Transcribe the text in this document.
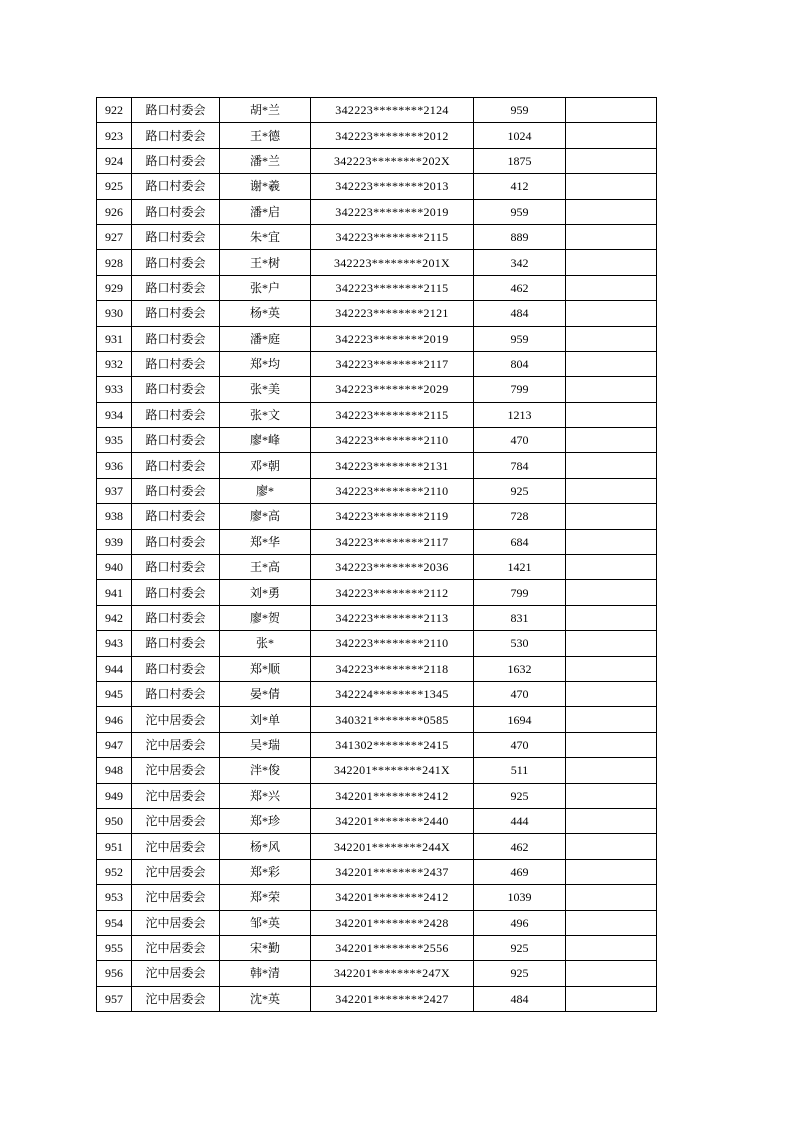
922	路口村委会	胡*兰	342223********2124	959	
923	路口村委会	王*德	342223********2012	1024	
924	路口村委会	潘*兰	342223********202X	1875	
925	路口村委会	谢*羲	342223********2013	412	
926	路口村委会	潘*启	342223********2019	959	
927	路口村委会	朱*宜	342223********2115	889	
928	路口村委会	王*树	342223********201X	342	
929	路口村委会	张*户	342223********2115	462	
930	路口村委会	杨*英	342223********2121	484	
931	路口村委会	潘*庭	342223********2019	959	
932	路口村委会	郑*均	342223********2117	804	
933	路口村委会	张*美	342223********2029	799	
934	路口村委会	张*文	342223********2115	1213	
935	路口村委会	廖*峰	342223********2110	470	
936	路口村委会	邓*朝	342223********2131	784	
937	路口村委会	廖*	342223********2110	925	
938	路口村委会	廖*高	342223********2119	728	
939	路口村委会	郑*华	342223********2117	684	
940	路口村委会	王*高	342223********2036	1421	
941	路口村委会	刘*勇	342223********2112	799	
942	路口村委会	廖*贺	342223********2113	831	
943	路口村委会	张*	342223********2110	530	
944	路口村委会	郑*顺	342223********2118	1632	
945	路口村委会	晏*倩	342224********1345	470	
946	沱中居委会	刘*单	340321********0585	1694	
947	沱中居委会	吴*瑞	341302********2415	470	
948	沱中居委会	泮*俊	342201********241X	511	
949	沱中居委会	郑*兴	342201********2412	925	
950	沱中居委会	郑*珍	342201********2440	444	
951	沱中居委会	杨*风	342201********244X	462	
952	沱中居委会	郑*彩	342201********2437	469	
953	沱中居委会	郑*荣	342201********2412	1039	
954	沱中居委会	邹*英	342201********2428	496	
955	沱中居委会	宋*勤	342201********2556	925	
956	沱中居委会	韩*清	342201********247X	925	
957	沱中居委会	沈*英	342201********2427	484	
